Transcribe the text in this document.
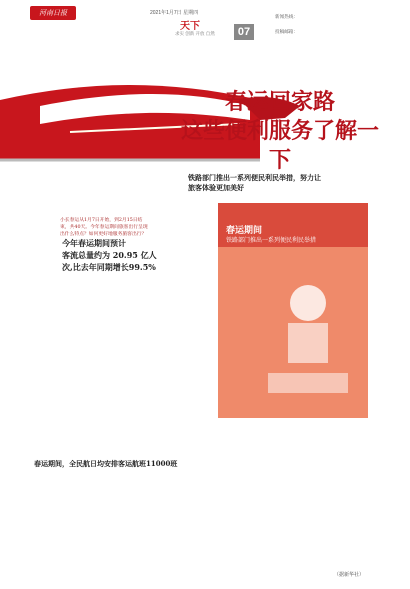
河南日报	2021年1月7日 星期四
天下
求实 创新 开放 自然	07
新闻热线：
投稿邮箱：
春运回家路
这些便利服务了解一下
小长春运从1月7日开始，到2月15日结束，共40天。今年春运期间旅客出行呈现出什么特点？如何更好地服务旅客出行？
今年春运期间预计
客流总量约为 20.95 亿人
次,比去年同期增长99.5%
铁路部门推出一系列便民利民举措，努力让
旅客体验更加美好
春运期间
铁路部门推出一系列便民利民举措
春运期间，全民航日均安排客运航班11000班
（据新华社）
